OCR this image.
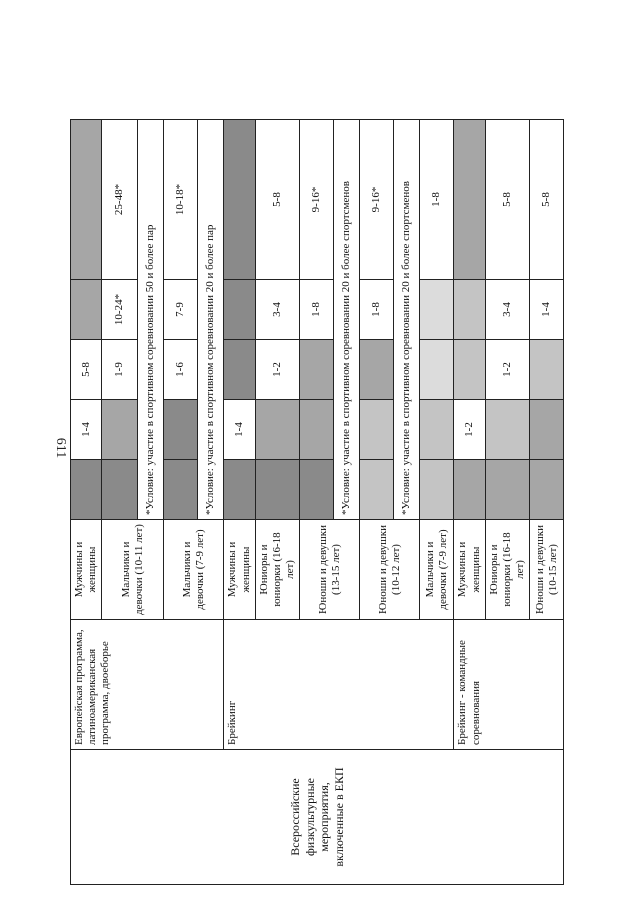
611
Всероссийские физкультурные мероприятия, включенные в ЕКП	Европейская программа, латиноамериканская программа, двоеборье	Мужчины и женщины		1-4	5-8		
		Мальчики и девочки (10-11 лет)			1-9	10-24*	25-48*
			*Условие: участие в спортивном соревновании 50 и более пар				
		Мальчики и девочки (7-9 лет)			1-6	7-9	10-18*
			*Условие: участие в спортивном соревновании 20 и более пар				
	Брейкинг	Мужчины и женщины		1-4			
		Юниоры и юниорки (16-18 лет)			1-2	3-4	5-8
		Юноши и девушки (13-15 лет)				1-8	9-16*
			*Условие: участие в спортивном соревновании 20 и более спортсменов				
		Юноши и девушки (10-12 лет)				1-8	9-16*
			*Условие: участие в спортивном соревновании 20 и более спортсменов				
		Мальчики и девочки (7-9 лет)					1-8
	Брейкинг - командные соревнования	Мужчины и женщины		1-2			
		Юниоры и юниорки (16-18 лет)			1-2	3-4	5-8
		Юноши и девушки (10-15 лет)				1-4	5-8
